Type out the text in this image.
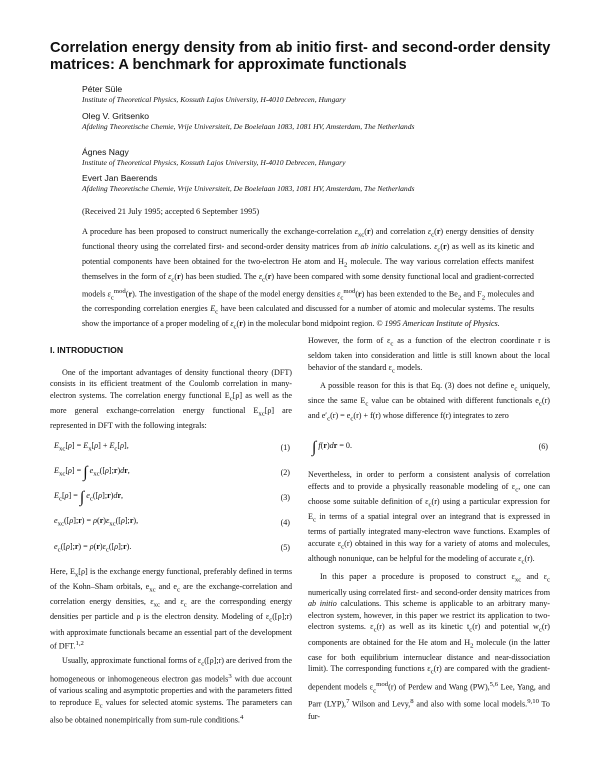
Correlation energy density from ab initio first- and second-order density matrices: A benchmark for approximate functionals
Péter Süle
Institute of Theoretical Physics, Kossuth Lajos University, H-4010 Debrecen, Hungary
Oleg V. Gritsenko
Afdeling Theoretische Chemie, Vrije Universiteit, De Boelelaan 1083, 1081 HV, Amsterdam, The Netherlands
Ágnes Nagy
Institute of Theoretical Physics, Kossuth Lajos University, H-4010 Debrecen, Hungary
Evert Jan Baerends
Afdeling Theoretische Chemie, Vrije Universiteit, De Boelelaan 1083, 1081 HV, Amsterdam, The Netherlands
(Received 21 July 1995; accepted 6 September 1995)

A procedure has been proposed to construct numerically the exchange-correlation $\varepsilon_{xc}(r)$ and correlation $\varepsilon_c(r)$ energy densities of density functional theory using the correlated first- and second-order density matrices from ab initio calculations. $\varepsilon_c(r)$ as well as its kinetic and potential components have been obtained for the two-electron He atom and $H_2$ molecule. The way various correlation effects manifest themselves in the form of $\varepsilon_c(r)$ has been studied. The $\varepsilon_c(r)$ have been compared with some density functional local and gradient-corrected models $\varepsilon_c^{mod}(r)$. The investigation of the shape of the model energy densities $\varepsilon_c^{mod}(r)$ has been extended to the $Be_2$ and $F_2$ molecules and the corresponding correlation energies $E_c$ have been calculated and discussed for a number of atomic and molecular systems. The results show the importance of a proper modeling of $\varepsilon_c(r)$ in the molecular bond midpoint region. © 1995 American Institute of Physics.

I. INTRODUCTION

One of the important advantages of density functional theory (DFT) consists in its efficient treatment of the Coulomb correlation in many-electron systems. The correlation energy functional $E_c[\rho]$ as well as the more general exchange-correlation energy functional $E_{xc}[\rho]$ are represented in DFT with the following integrals:

$E_{xc}[\rho] = E_x[\rho] + E_c[\rho]$,	(1)
$E_{xc}[\rho]$ = ∫ $e_{xc}([\rho];r)dr$,	(2)
$E_c[\rho]$ = ∫ $e_c([\rho];r)dr$,	(3)
$e_{xc}([\rho];r)$ = $\rho(r)\varepsilon_{xc}([\rho];r)$,	(4)
$e_c([\rho];r)$ = $\rho(r)\varepsilon_c([\rho];r)$.	(5)

Here, $E_x[\rho]$ is the exchange energy functional, preferably defined in terms of the Kohn–Sham orbitals, $e_{xc}$ and $e_c$ are the exchange-correlation and correlation energy densities, $\varepsilon_{xc}$ and $\varepsilon_c$ are the corresponding energy densities per particle and ρ is the electron density. Modeling of $\varepsilon_c([\rho];r)$ with approximate functionals became an essential part of the development of DFT.$^{1,2}$

Usually, approximate functional forms of $\varepsilon_c([\rho];r)$ are derived from the homogeneous or inhomogeneous electron gas models$^3$ with due account of various scaling and asymptotic properties and with the parameters fitted to reproduce $E_c$ values for selected atomic systems. The parameters can also be obtained nonempirically from sum-rule conditions.$^4$

However, the form of $\varepsilon_c$ as a function of the electron coordinate r is seldom taken into consideration and little is still known about the local behavior of the standard $\varepsilon_c$ models.

A possible reason for this is that Eq. (3) does not define $e_c$ uniquely, since the same $E_c$ value can be obtained with different functionals $e_c(r)$ and $e'_c(r) = e_c(r) + f(r)$ whose difference f(r) integrates to zero

∫ f(r)dr = 0.	(6)

Nevertheless, in order to perform a consistent analysis of correlation effects and to provide a physically reasonable modeling of $\varepsilon_c$, one can choose some suitable definition of $\varepsilon_c(r)$ using a particular expression for $E_c$ in terms of a spatial integral over an integrand that is expressed in terms of partially integrated many-electron wave functions. Examples of accurate $\varepsilon_c(r)$ obtained in this way for a variety of atoms and molecules, although nonunique, can be helpful for the modeling of accurate $\varepsilon_c(r)$.

In this paper a procedure is proposed to construct $\varepsilon_{xc}$ and $\varepsilon_c$ numerically using correlated first- and second-order density matrices from ab initio calculations. This scheme is applicable to an arbitrary many-electron system, however, in this paper we restrict its application to two-electron systems. $\varepsilon_c(r)$ as well as its kinetic $t_c(r)$ and potential $w_c(r)$ components are obtained for the He atom and $H_2$ molecule (in the latter case for both equilibrium internuclear distance and near-dissociation limit). The corresponding functions $\varepsilon_c(r)$ are compared with the gradient-dependent models $\varepsilon_c^{mod}(r)$ of Perdew and Wang (PW),$^{5,6}$ Lee, Yang, and Parr (LYP),$^7$ Wilson and Levy,$^8$ and also with some local models.$^{9,10}$ To fur-
